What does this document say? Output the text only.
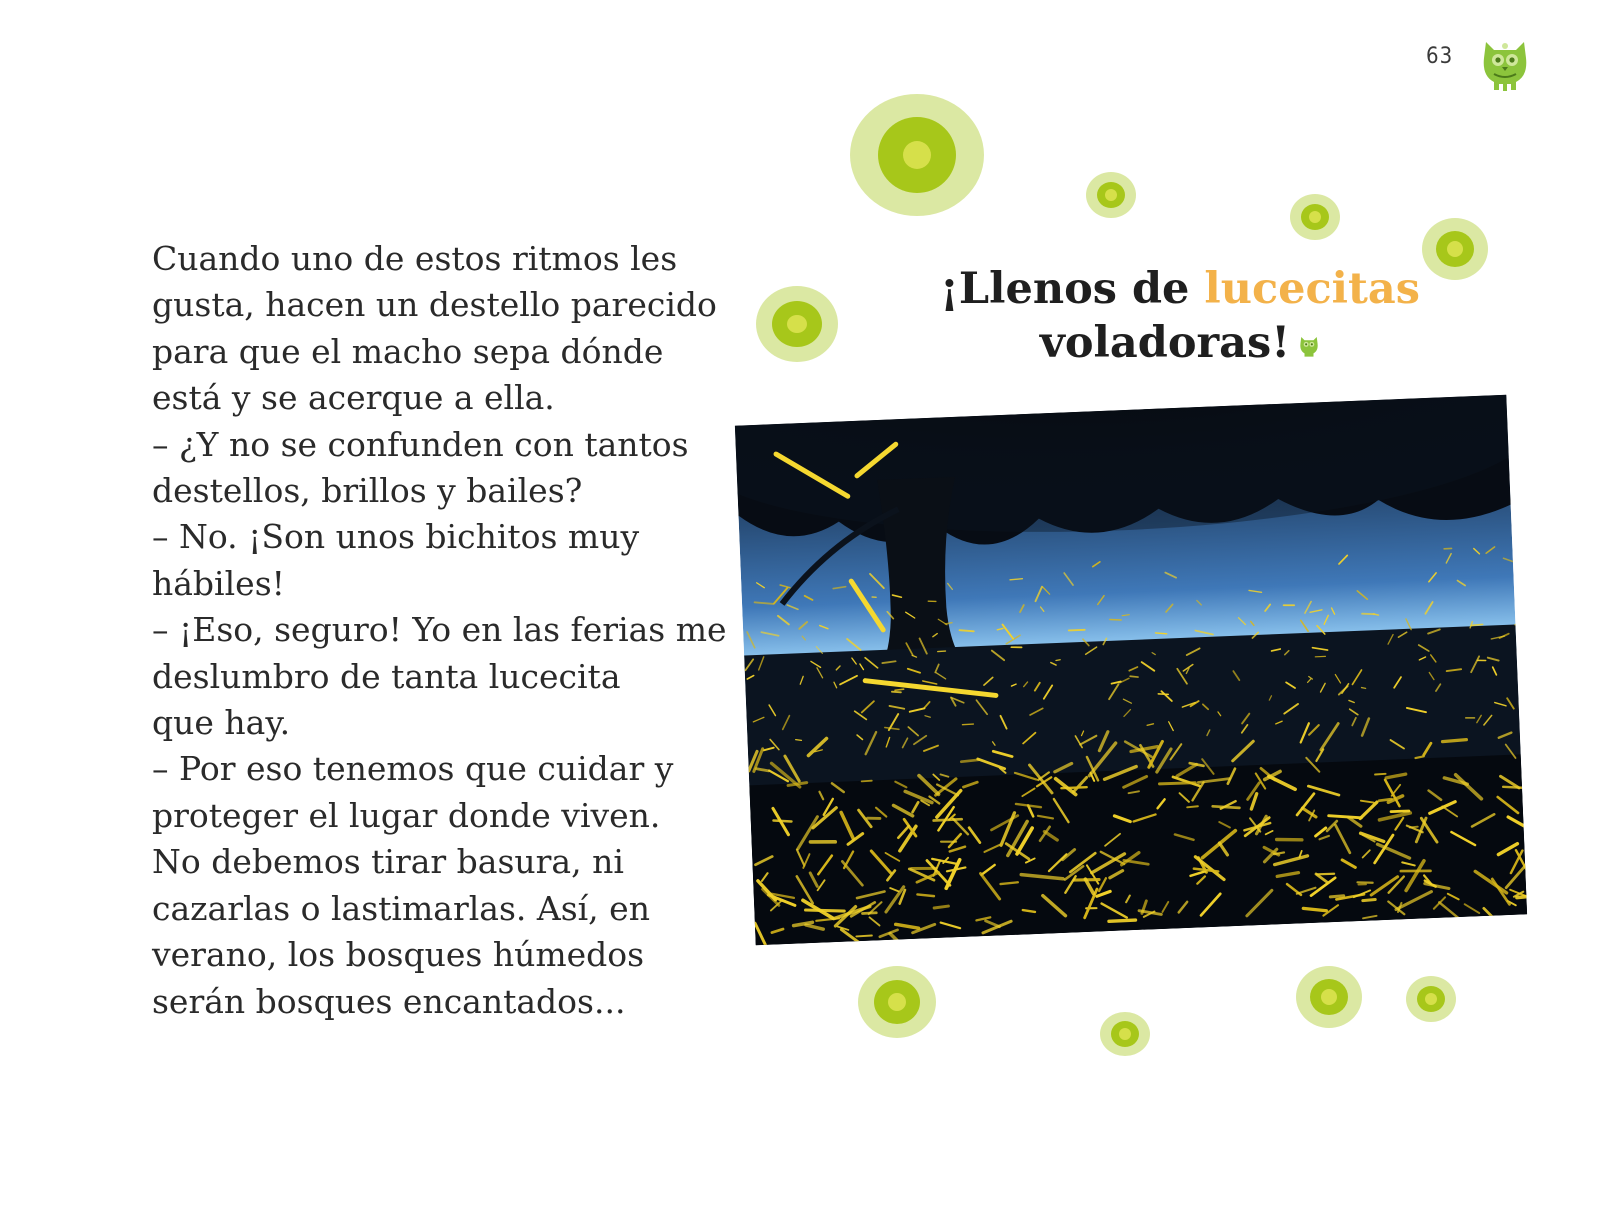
63
Cuando uno de estos ritmos les
gusta, hacen un destello parecido
para que el macho sepa dónde
está y se acerque a ella.
– ¿Y no se confunden con tantos
destellos, brillos y bailes?
– No. ¡Son unos bichitos muy
hábiles!
– ¡Eso, seguro! Yo en las ferias me
deslumbro de tanta lucecita
que hay.
– Por eso tenemos que cuidar y
proteger el lugar donde viven.
No debemos tirar basura, ni
cazarlas o lastimarlas. Así, en
verano, los bosques húmedos
serán bosques encantados...
¡Llenos de lucecitas
voladoras!
